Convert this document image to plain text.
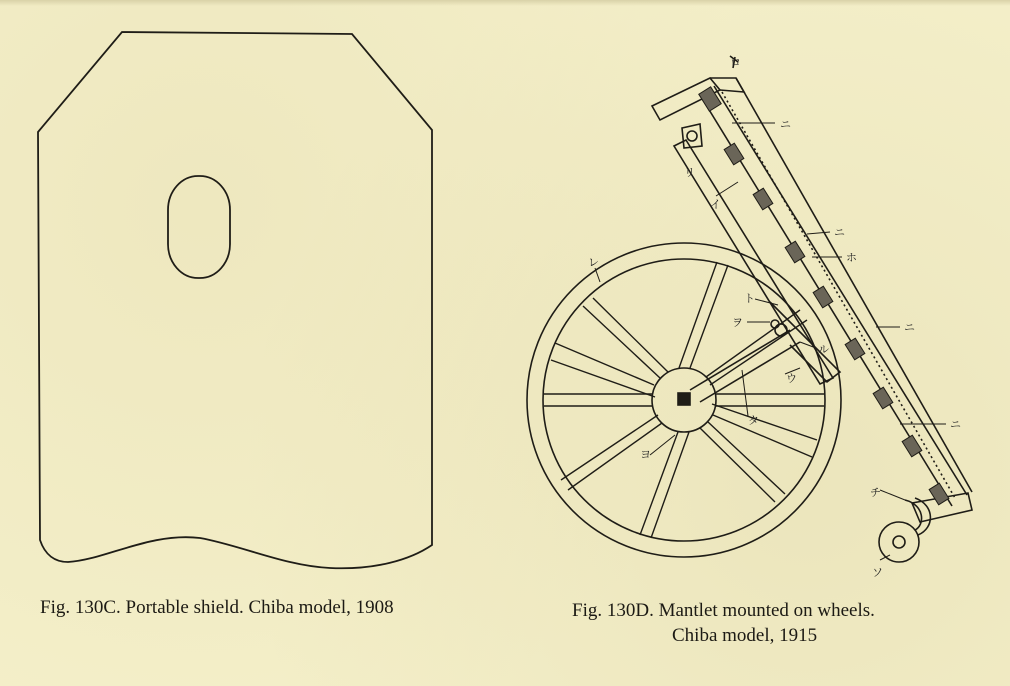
ロ
リ
イ
ニ
ニ
ホ
ニ
ニ
レ
ト
ヲ
ル
ウ
タ
ヨ
チ
ソ
Fig. 130C. Portable shield. Chiba model, 1908	Fig. 130D. Mantlet mounted on wheels.
Chiba model, 1915
